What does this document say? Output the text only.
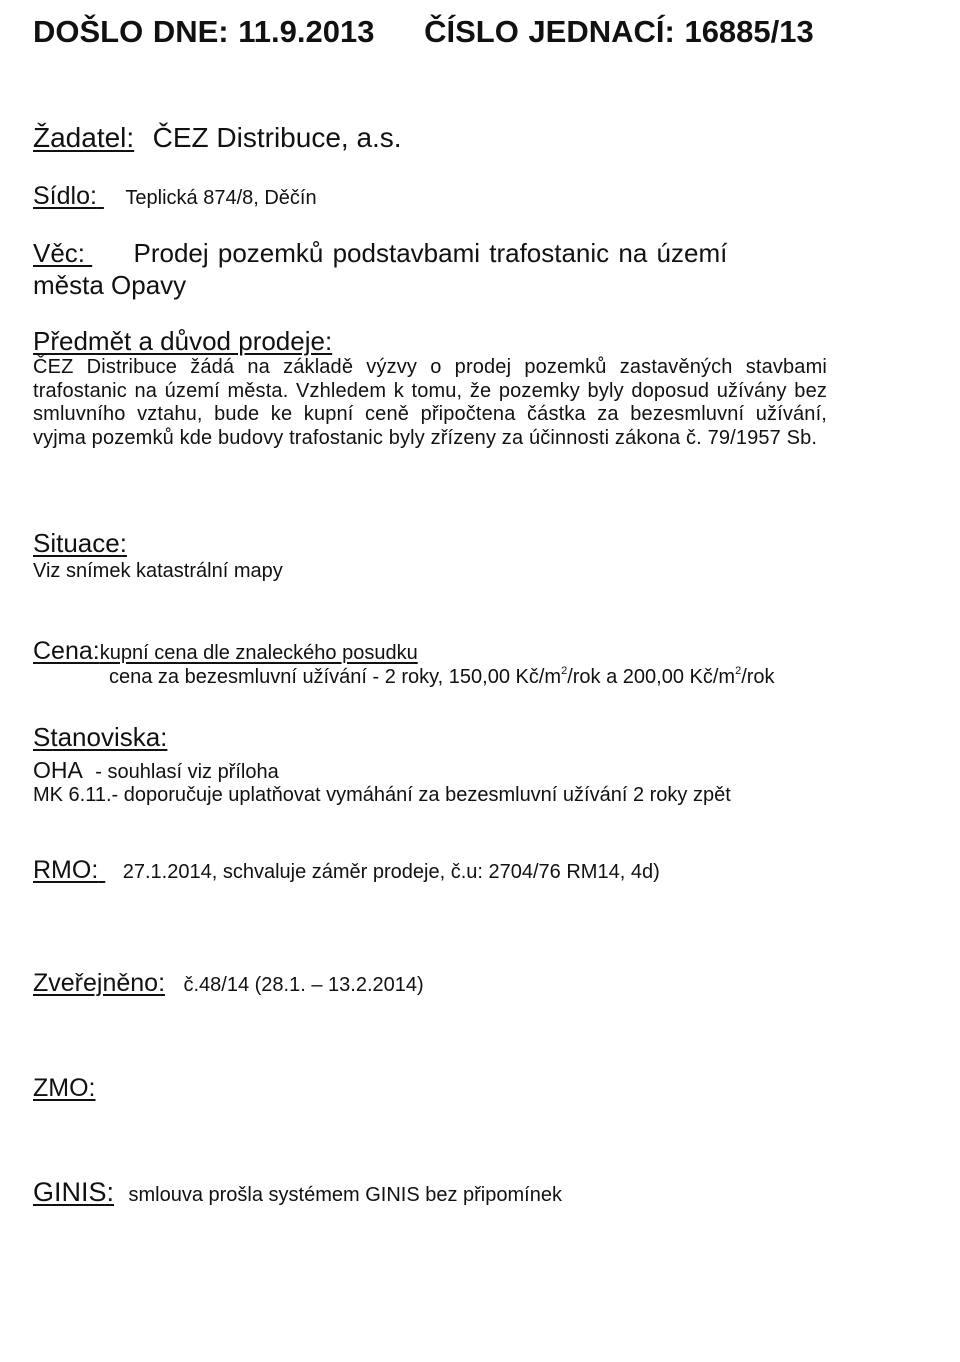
DOŠLO DNE: 11.9.2013 ČÍSLO JEDNACÍ: 16885/13
Žadatel: ČEZ Distribuce, a.s.
Sídlo: Teplická 874/8, Děčín
Věc: Prodej pozemků podstavbami trafostanic na území
města Opavy
Předmět a důvod prodeje:
ČEZ Distribuce žádá na základě výzvy o prodej pozemků zastavěných stavbami trafostanic na území města. Vzhledem k tomu, že pozemky byly doposud užívány bez smluvního vztahu, bude ke kupní ceně připočtena částka za bezesmluvní užívání, vyjma pozemků kde budovy trafostanic byly zřízeny za účinnosti zákona č. 79/1957 Sb.
Situace:
Viz snímek katastrální mapy
Cena:kupní cena dle znaleckého posudku
cena za bezesmluvní užívání - 2 roky, 150,00 $Kč/m^2$/rok a 200,00 $Kč/m^2$/rok
Stanoviska:
OHA - souhlasí viz příloha
MK 6.11.- doporučuje uplatňovat vymáhání za bezesmluvní užívání 2 roky zpět
RMO: 27.1.2014, schvaluje záměr prodeje, č.u: 2704/76 RM14, 4d)
Zveřejněno: č.48/14 (28.1. – 13.2.2014)
ZMO:
GINIS: smlouva prošla systémem GINIS bez připomínek
